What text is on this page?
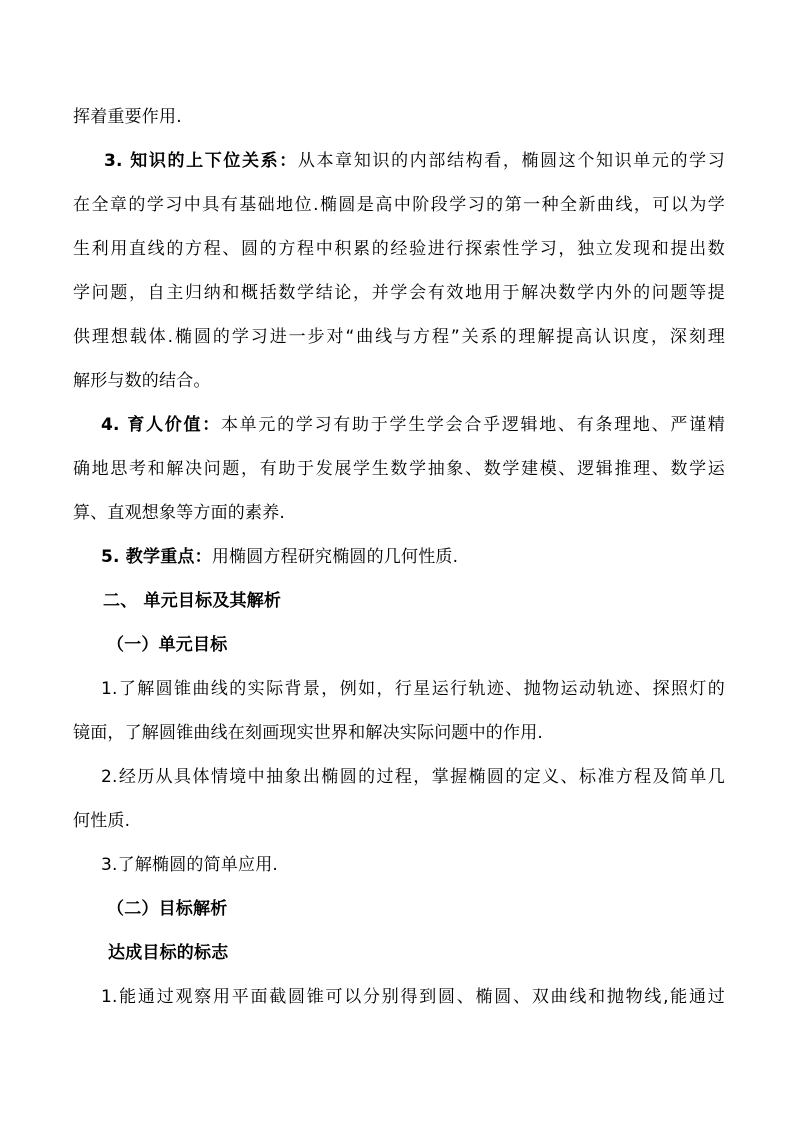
挥着重要作用.
3. 知识的上下位关系：从本章知识的内部结构看，椭圆这个知识单元的学习
在全章的学习中具有基础地位.椭圆是高中阶段学习的第一种全新曲线，可以为学
生利用直线的方程、圆的方程中积累的经验进行探索性学习，独立发现和提出数
学问题，自主归纳和概括数学结论，并学会有效地用于解决数学内外的问题等提
供理想载体.椭圆的学习进一步对“曲线与方程”关系的理解提高认识度，深刻理
解形与数的结合。
4. 育人价值：本单元的学习有助于学生学会合乎逻辑地、有条理地、严谨精
确地思考和解决问题，有助于发展学生数学抽象、数学建模、逻辑推理、数学运
算、直观想象等方面的素养.
5. 教学重点：用椭圆方程研究椭圆的几何性质.
二、 单元目标及其解析
（一）单元目标
1.了解圆锥曲线的实际背景，例如，行星运行轨迹、抛物运动轨迹、探照灯的
镜面，了解圆锥曲线在刻画现实世界和解决实际问题中的作用.
2.经历从具体情境中抽象出椭圆的过程，掌握椭圆的定义、标准方程及简单几
何性质.
3.了解椭圆的简单应用.
（二）目标解析
达成目标的标志
1.能通过观察用平面截圆锥可以分别得到圆、椭圆、双曲线和抛物线,能通过
